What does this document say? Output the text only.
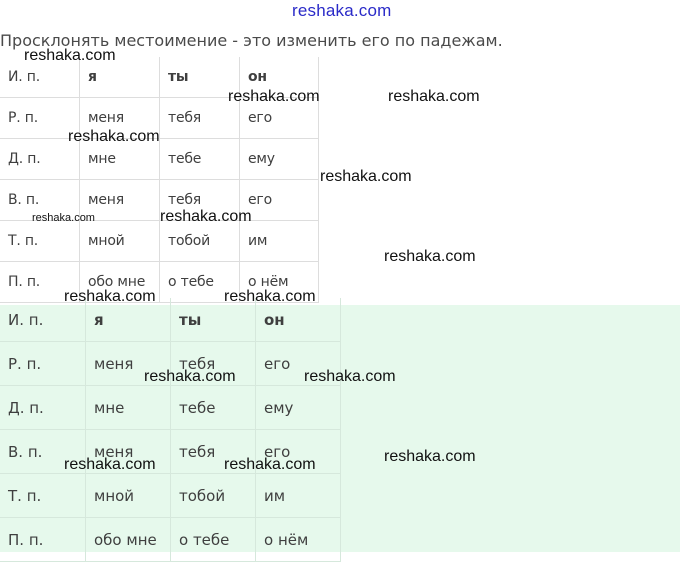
reshaka.com
Просклонять местоимение - это изменить его по падежам.
И. п.	я	ты	он
Р. п.	меня	тебя	его
Д. п.	мне	тебе	ему
В. п.	меня	тебя	его
Т. п.	мной	тобой	им
П. п.	обо мне	о тебе	о нём
И. п.	я	ты	он
Р. п.	меня	тебя	его
Д. п.	мне	тебе	ему
В. п.	меня	тебя	его
Т. п.	мной	тобой	им
П. п.	обо мне	о тебе	о нём
reshaka.com
reshaka.com	reshaka.com
reshaka.com
reshaka.com
reshaka.com	reshaka.com
reshaka.com
reshaka.com	reshaka.com
reshaka.com	reshaka.com
reshaka.com
reshaka.com	reshaka.com
